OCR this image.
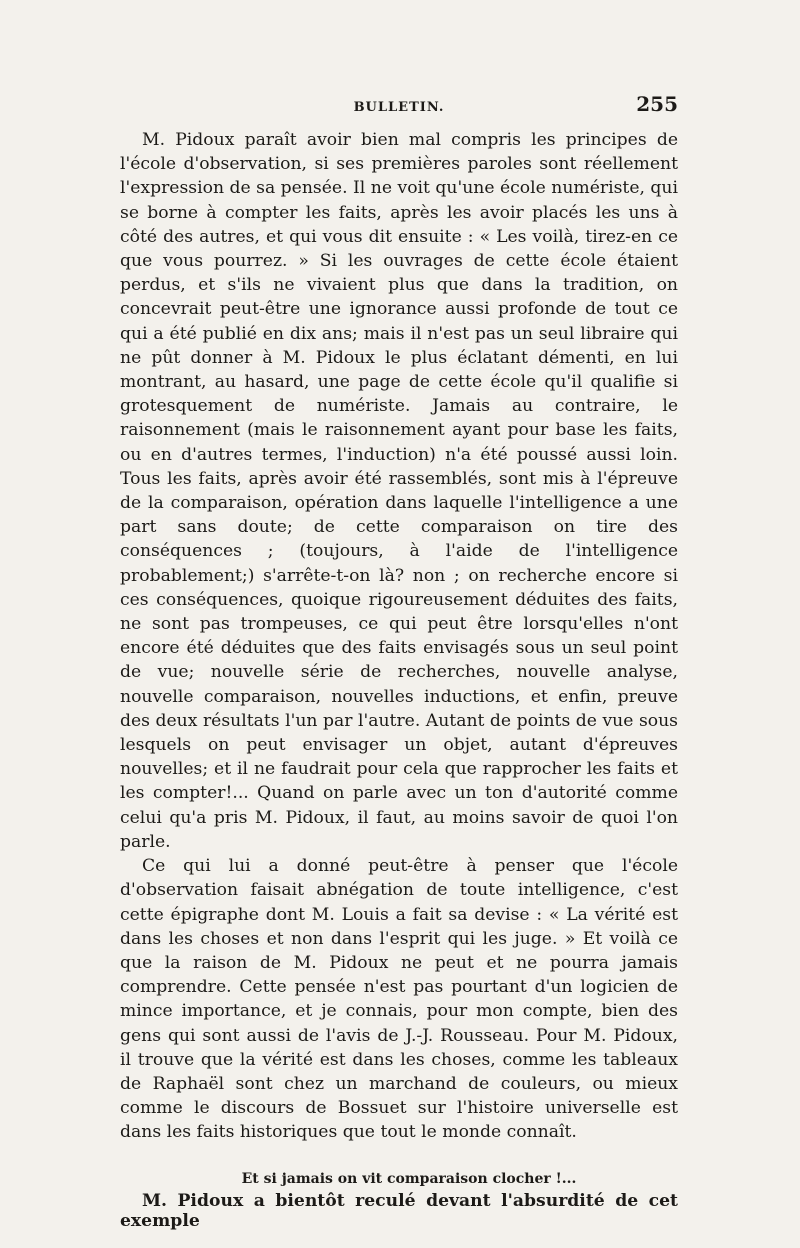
BULLETIN.	255

M. Pidoux paraît avoir bien mal compris les principes de l'école d'observation, si ses premières paroles sont réellement l'expression de sa pensée. Il ne voit qu'une école numériste, qui se borne à compter les faits, après les avoir placés les uns à côté des autres, et qui vous dit ensuite : « Les voilà, tirez-en ce que vous pourrez. » Si les ouvrages de cette école étaient perdus, et s'ils ne vivaient plus que dans la tradition, on concevrait peut-être une ignorance aussi profonde de tout ce qui a été publié en dix ans; mais il n'est pas un seul libraire qui ne pût donner à M. Pidoux le plus éclatant démenti, en lui montrant, au hasard, une page de cette école qu'il qualifie si grotesquement de numériste. Jamais au contraire, le raisonnement (mais le raisonnement ayant pour base les faits, ou en d'autres termes, l'induction) n'a été poussé aussi loin. Tous les faits, après avoir été rassemblés, sont mis à l'épreuve de la comparaison, opération dans laquelle l'intelligence a une part sans doute; de cette comparaison on tire des conséquences ; (toujours, à l'aide de l'intelligence probablement;) s'arrête-t-on là? non ; on recherche encore si ces conséquences, quoique rigoureusement déduites des faits, ne sont pas trompeuses, ce qui peut être lorsqu'elles n'ont encore été déduites que des faits envisagés sous un seul point de vue; nouvelle série de recherches, nouvelle analyse, nouvelle comparaison, nouvelles inductions, et enfin, preuve des deux résultats l'un par l'autre. Autant de points de vue sous lesquels on peut envisager un objet, autant d'épreuves nouvelles; et il ne faudrait pour cela que rapprocher les faits et les compter!... Quand on parle avec un ton d'autorité comme celui qu'a pris M. Pidoux, il faut, au moins savoir de quoi l'on parle.

Ce qui lui a donné peut-être à penser que l'école d'observation faisait abnégation de toute intelligence, c'est cette épigraphe dont M. Louis a fait sa devise : « La vérité est dans les choses et non dans l'esprit qui les juge. » Et voilà ce que la raison de M. Pidoux ne peut et ne pourra jamais comprendre. Cette pensée n'est pas pourtant d'un logicien de mince importance, et je connais, pour mon compte, bien des gens qui sont aussi de l'avis de J.-J. Rousseau. Pour M. Pidoux, il trouve que la vérité est dans les choses, comme les tableaux de Raphaël sont chez un marchand de couleurs, ou mieux comme le discours de Bossuet sur l'histoire universelle est dans les faits historiques que tout le monde connaît.

Et si jamais on vit comparaison clocher !...

M. Pidoux a bientôt reculé devant l'absurdité de cet exemple
